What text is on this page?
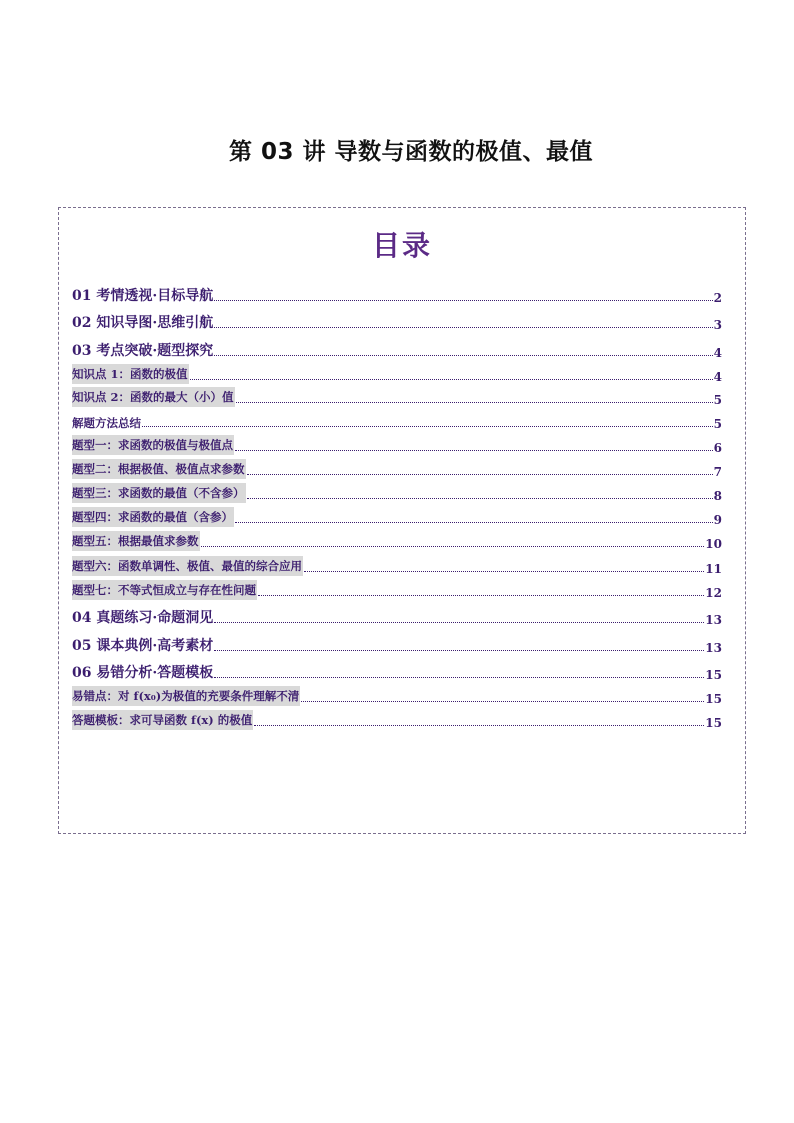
第 03 讲 导数与函数的极值、最值
目录
01 考情透视·目标导航	2
02 知识导图·思维引航	3
03 考点突破·题型探究	4
知识点 1：函数的极值	4
知识点 2：函数的最大（小）值	5
解题方法总结	5
题型一：求函数的极值与极值点	6
题型二：根据极值、极值点求参数	7
题型三：求函数的最值（不含参）	8
题型四：求函数的最值（含参）	9
题型五：根据最值求参数	10
题型六：函数单调性、极值、最值的综合应用	11
题型七：不等式恒成立与存在性问题	12
04 真题练习·命题洞见	13
05 课本典例·高考素材	13
06 易错分析·答题模板	15
易错点：对 f(x₀)为极值的充要条件理解不清	15
答题模板：求可导函数 f(x) 的极值	15
